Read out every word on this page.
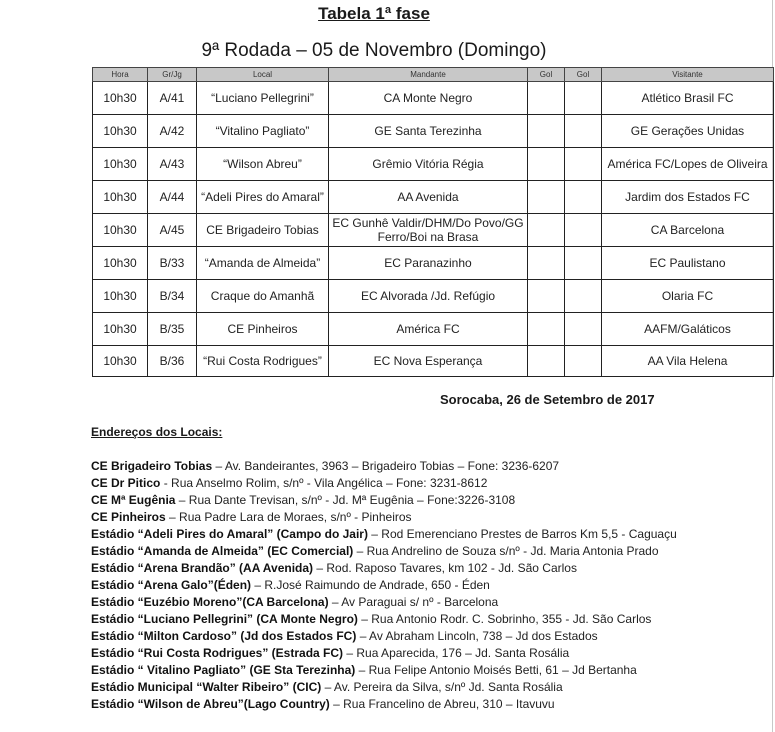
Tabela 1ª fase
9ª Rodada – 05 de Novembro (Domingo)
Hora	Gr/Jg	Local	Mandante	Gol	Gol	Visitante
10h30	A/41	“Luciano Pellegrini”	CA Monte Negro			Atlético Brasil FC
10h30	A/42	“Vitalino Pagliato”	GE Santa Terezinha			GE Gerações Unidas
10h30	A/43	“Wilson Abreu”	Grêmio Vitória Régia			América FC/Lopes de Oliveira
10h30	A/44	“Adeli Pires do Amaral”	AA Avenida			Jardim dos Estados FC
10h30	A/45	CE Brigadeiro Tobias	EC Gunhê Valdir/DHM/Do Povo/GG Ferro/Boi na Brasa			CA Barcelona
10h30	B/33	“Amanda de Almeida”	EC Paranazinho			EC Paulistano
10h30	B/34	Craque do Amanhã	EC Alvorada /Jd. Refúgio			Olaria FC
10h30	B/35	CE Pinheiros	América FC			AAFM/Galáticos
10h30	B/36	“Rui Costa Rodrigues”	EC Nova Esperança			AA Vila Helena
Sorocaba, 26 de Setembro de 2017
Endereços dos Locais:
CE Brigadeiro Tobias – Av. Bandeirantes, 3963 – Brigadeiro Tobias – Fone: 3236-6207
CE Dr Pitico - Rua Anselmo Rolim, s/nº - Vila Angélica – Fone: 3231-8612
CE Mª Eugênia – Rua Dante Trevisan, s/nº - Jd. Mª Eugênia – Fone:3226-3108
CE Pinheiros – Rua Padre Lara de Moraes, s/nº - Pinheiros
Estádio “Adeli Pires do Amaral” (Campo do Jair) – Rod Emerenciano Prestes de Barros Km 5,5 - Caguaçu
Estádio “Amanda de Almeida” (EC Comercial) – Rua Andrelino de Souza s/nº - Jd. Maria Antonia Prado
Estádio “Arena Brandão” (AA Avenida) – Rod. Raposo Tavares, km 102 - Jd. São Carlos
Estádio “Arena Galo”(Éden) – R.José Raimundo de Andrade, 650 - Éden
Estádio “Euzébio Moreno”(CA Barcelona) – Av Paraguai s/ nº - Barcelona
Estádio “Luciano Pellegrini” (CA Monte Negro) – Rua Antonio Rodr. C. Sobrinho, 355 - Jd. São Carlos
Estádio “Milton Cardoso” (Jd dos Estados FC) – Av Abraham Lincoln, 738 – Jd dos Estados
Estádio “Rui Costa Rodrigues” (Estrada FC) – Rua Aparecida, 176 – Jd. Santa Rosália
Estádio “ Vitalino Pagliato” (GE Sta Terezinha) – Rua Felipe Antonio Moisés Betti, 61 – Jd Bertanha
Estádio Municipal “Walter Ribeiro” (CIC) – Av. Pereira da Silva, s/nº Jd. Santa Rosália
Estádio “Wilson de Abreu”(Lago Country) – Rua Francelino de Abreu, 310 – Itavuvu
